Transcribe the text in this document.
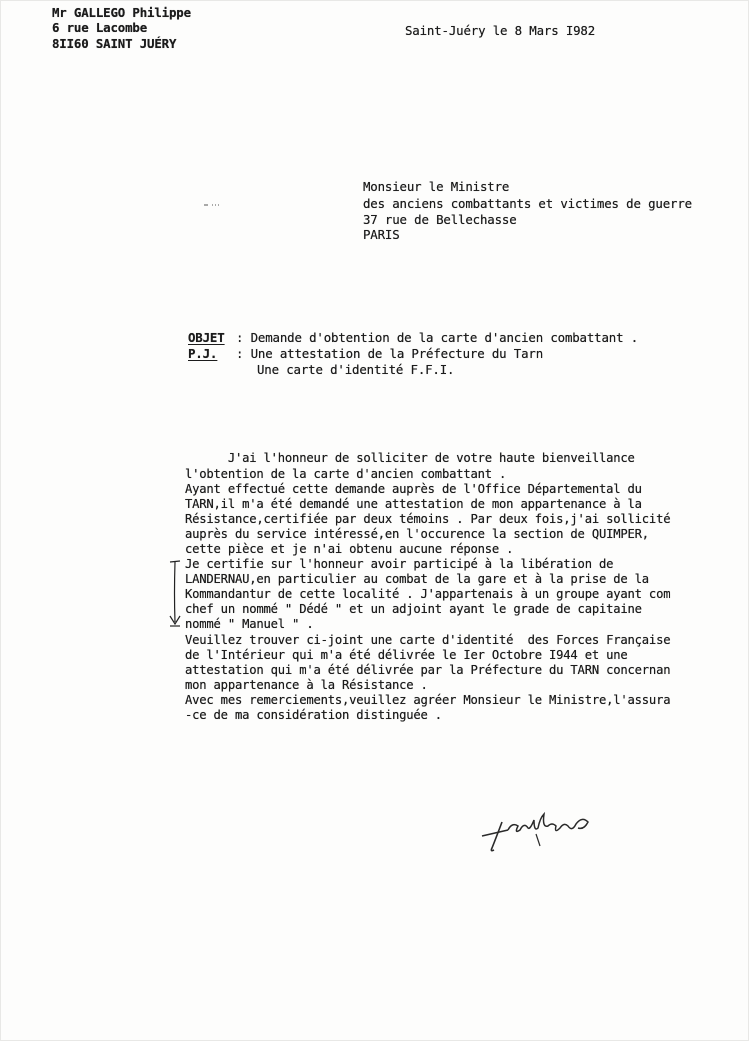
Mr GALLEGO Philippe
6 rue Lacombe
8II60 SAINT JUÉRY
Saint-Juéry le 8 Mars I982
Monsieur le Ministre
des anciens combattants et victimes de guerre
37 rue de Bellechasse
PARIS
OBJET : Demande d'obtention de la carte d'ancien combattant .
P.J. : Une attestation de la Préfecture du Tarn
Une carte d'identité F.F.I.
J'ai l'honneur de solliciter de votre haute bienveillance
l'obtention de la carte d'ancien combattant .
Ayant effectué cette demande auprès de l'Office Départemental du
TARN,il m'a été demandé une attestation de mon appartenance à la
Résistance,certifiée par deux témoins . Par deux fois,j'ai sollicité
auprès du service intéressé,en l'occurence la section de QUIMPER,
cette pièce et je n'ai obtenu aucune réponse .
Je certifie sur l'honneur avoir participé à la libération de
LANDERNAU,en particulier au combat de la gare et à la prise de la
Kommandantur de cette localité . J'appartenais à un groupe ayant com
chef un nommé " Dédé " et un adjoint ayant le grade de capitaine
nommé " Manuel " .
Veuillez trouver ci-joint une carte d'identité  des Forces Française
de l'Intérieur qui m'a été délivrée le Ier Octobre I944 et une
attestation qui m'a été délivrée par la Préfecture du TARN concernan
mon appartenance à la Résistance .
Avec mes remerciements,veuillez agréer Monsieur le Ministre,l'assura
-ce de ma considération distinguée .
